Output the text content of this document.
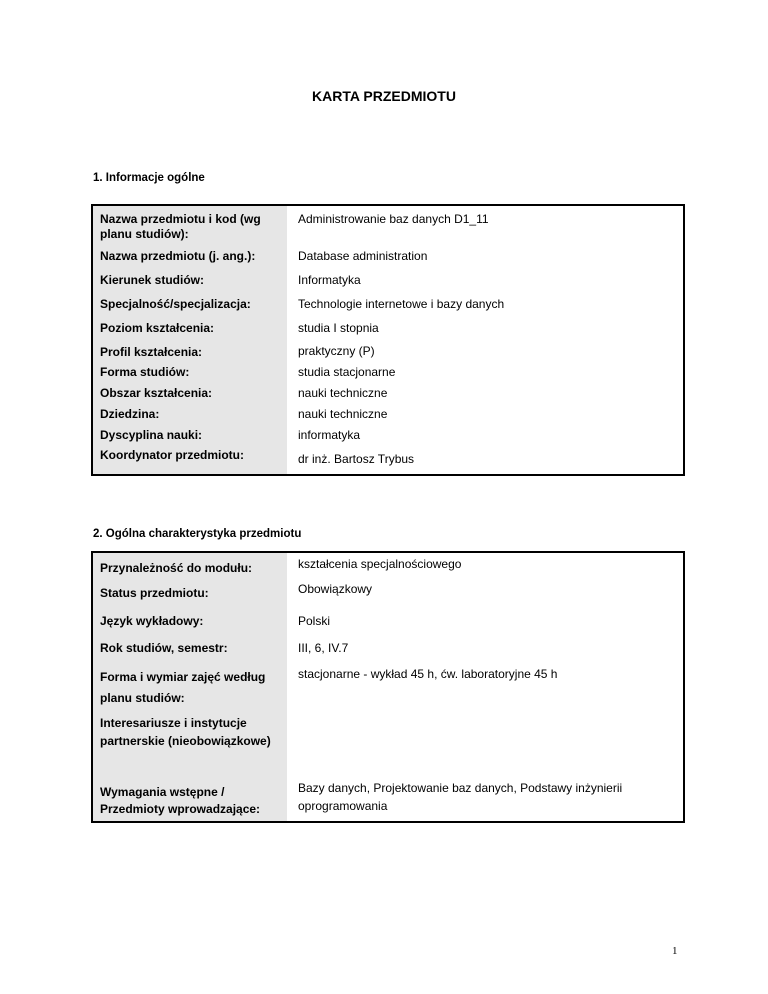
KARTA PRZEDMIOTU
1. Informacje ogólne
Nazwa przedmiotu i kod (wg planu studiów):	Administrowanie baz danych D1_11
Nazwa przedmiotu (j. ang.):	Database administration
Kierunek studiów:	Informatyka
Specjalność/specjalizacja:	Technologie internetowe i bazy danych
Poziom kształcenia:	studia I stopnia
Profil kształcenia:	praktyczny (P)
Forma studiów:	studia stacjonarne
Obszar kształcenia:	nauki techniczne
Dziedzina:	nauki techniczne
Dyscyplina nauki:	informatyka
Koordynator przedmiotu:	dr inż. Bartosz Trybus
2. Ogólna charakterystyka przedmiotu
Przynależność do modułu:	kształcenia specjalnościowego
Status przedmiotu:	Obowiązkowy
Język wykładowy:	Polski
Rok studiów, semestr:	III, 6, IV.7
Forma i wymiar zajęć według planu studiów:	stacjonarne - wykład 45 h, ćw. laboratoryjne 45 h
Interesariusze i instytucje partnerskie (nieobowiązkowe)	
Wymagania wstępne / Przedmioty wprowadzające:	Bazy danych, Projektowanie baz danych, Podstawy inżynierii oprogramowania
1
